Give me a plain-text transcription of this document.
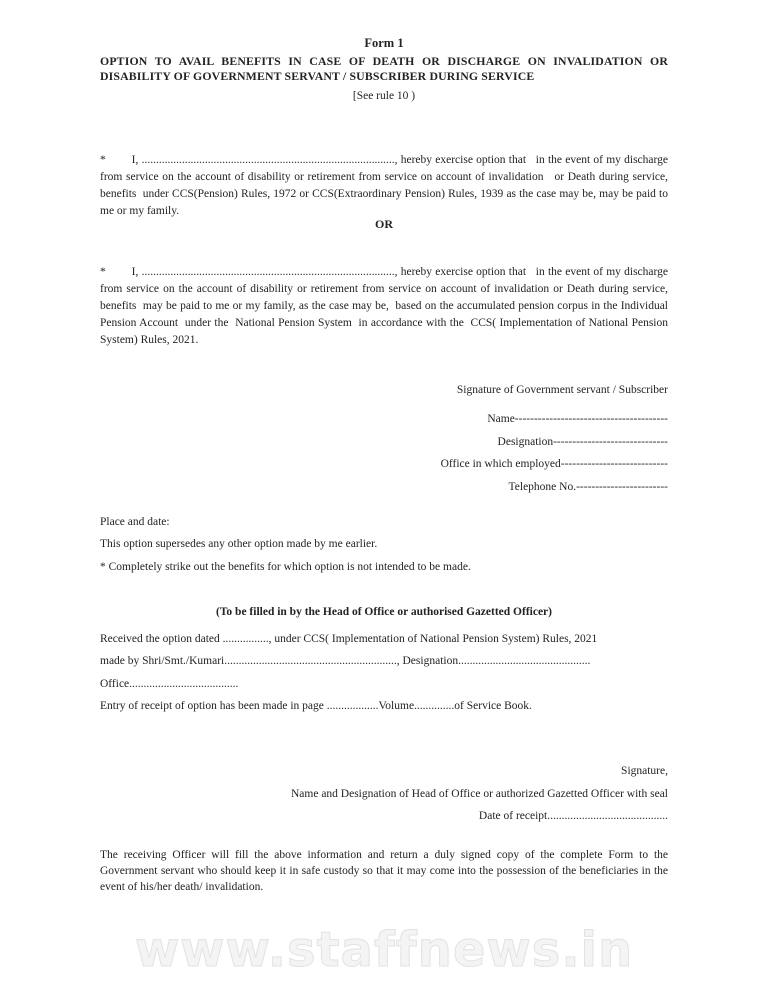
Form 1
OPTION TO AVAIL BENEFITS IN CASE OF DEATH OR DISCHARGE ON INVALIDATION OR DISABILITY OF GOVERNMENT SERVANT / SUBSCRIBER DURING SERVICE
[See rule 10 )

*        I, ........................................................................................, hereby exercise option that   in the event of my discharge from service on the account of disability or retirement from service on account of invalidation   or Death during service,  benefits  under CCS(Pension) Rules, 1972 or CCS(Extraordinary Pension) Rules, 1939 as the case may be, may be paid to me or my family.

OR

*        I, ........................................................................................, hereby exercise option that   in the event of my discharge from service on the account of disability or retirement from service on account of invalidation or Death during service,  benefits  may be paid to me or my family, as the case may be,  based on the accumulated pension corpus in the Individual Pension Account  under the  National Pension System  in accordance with the  CCS( Implementation of National Pension System) Rules, 2021.

Signature of Government servant / Subscriber
Name----------------------------------------
Designation------------------------------
Office in which employed----------------------------
Telephone No.------------------------
Place and date:
This option supersedes any other option made by me earlier.
* Completely strike out the benefits for which option is not intended to be made.
(To be filled in by the Head of Office or authorised Gazetted Officer)
Received the option dated ................, under CCS( Implementation of National Pension System) Rules, 2021
made by Shri/Smt./Kumari............................................................, Designation..............................................
Office......................................
Entry of receipt of option has been made in page ..................Volume..............of Service Book.
Signature,
Name and Designation of Head of Office or authorized Gazetted Officer with seal
Date of receipt..........................................

The receiving Officer will fill the above information and return a duly signed copy of the complete Form to the Government servant who should keep it in safe custody so that it may come into the possession of the beneficiaries in the event of his/her death/ invalidation.

www.staffnews.in
